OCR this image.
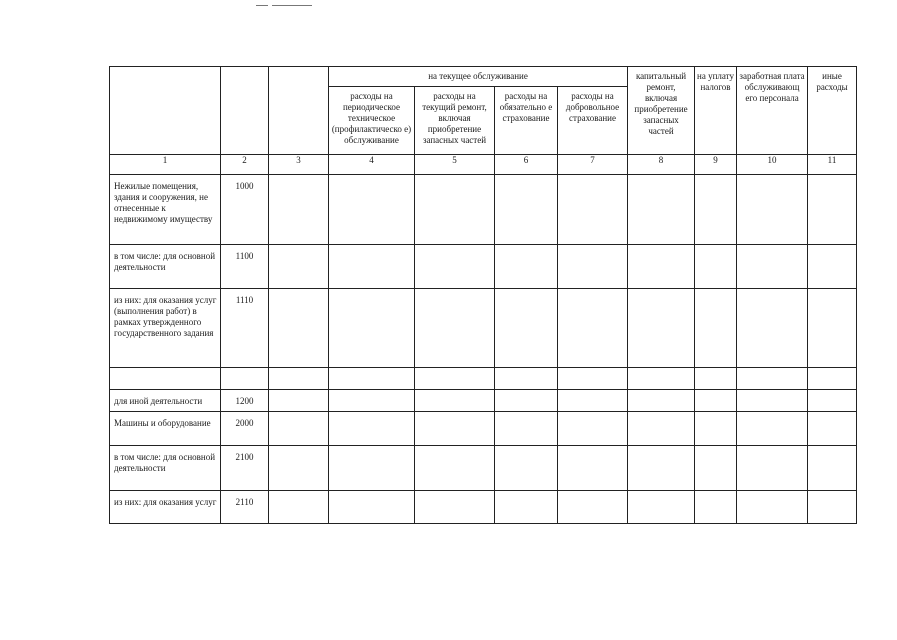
			на текущее обслуживание				капитальный ремонт, включая приобретение запасных частей	на уплату налогов	заработная плата обслуживающ его персонала	иные расходы

			расходы на периодическое техническое (профилактическо е) обслуживание	расходы на текущий ремонт, включая приобретение запасных частей	расходы на обязательно е страхование	расходы на добровольное страхование				

1	2	3	4	5	6	7	8	9	10	11
Нежилые помещения, здания и сооружения, не отнесенные к недвижимому имуществу	1000									
в том числе: для основной деятельности	1100									
из них: для оказания услуг (выполнения работ) в рамках утвержденного государственного задания	1110									

для иной деятельности	1200									
Машины и оборудование	2000									
в том числе: для основной деятельности	2100									
из них: для оказания услуг	2110									
